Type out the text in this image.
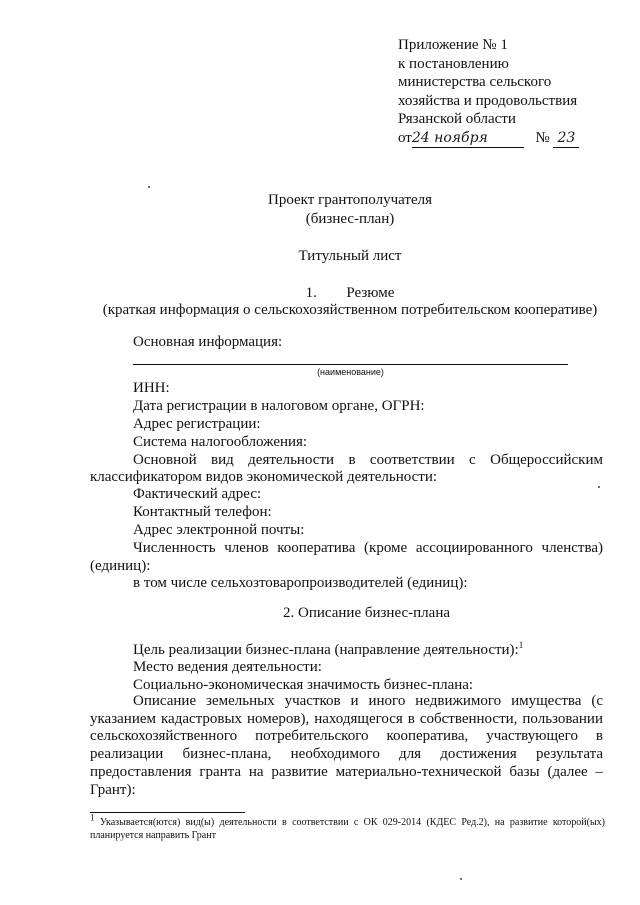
Приложение № 1
к постановлению
министерства сельского
хозяйства и продовольствия
Рязанской области
от24 ноября	№ 23
Проект грантополучателя
(бизнес-план)
Титульный лист
1. Резюме
(краткая информация о сельскохозяйственном потребительском кооперативе)
Основная информация:
(наименование)
ИНН:
Дата регистрации в налоговом органе, ОГРН:
Адрес регистрации:
Система налогообложения:
Основной вид деятельности в соответствии с Общероссийским
классификатором видов экономической деятельности:
Фактический адрес:
Контактный телефон:
Адрес электронной почты:
Численность членов кооператива (кроме ассоциированного членства) (единиц):
в том числе сельхозтоваропроизводителей (единиц):
2. Описание бизнес-плана
Цель реализации бизнес-плана (направление деятельности):$^1$
Место ведения деятельности:
Социально-экономическая значимость бизнес-плана:
Описание земельных участков и иного недвижимого имущества (с указанием кадастровых номеров), находящегося в собственности, пользовании сельскохозяйственного потребительского кооператива, участвующего в реализации бизнес-плана, необходимого для достижения результата предоставления гранта на развитие материально-технической базы (далее – Грант):
$^1$ Указывается(ются) вид(ы) деятельности в соответствии с ОК 029-2014 (КДЕС Ред.2), на развитие которой(ых) планируется направить Грант
